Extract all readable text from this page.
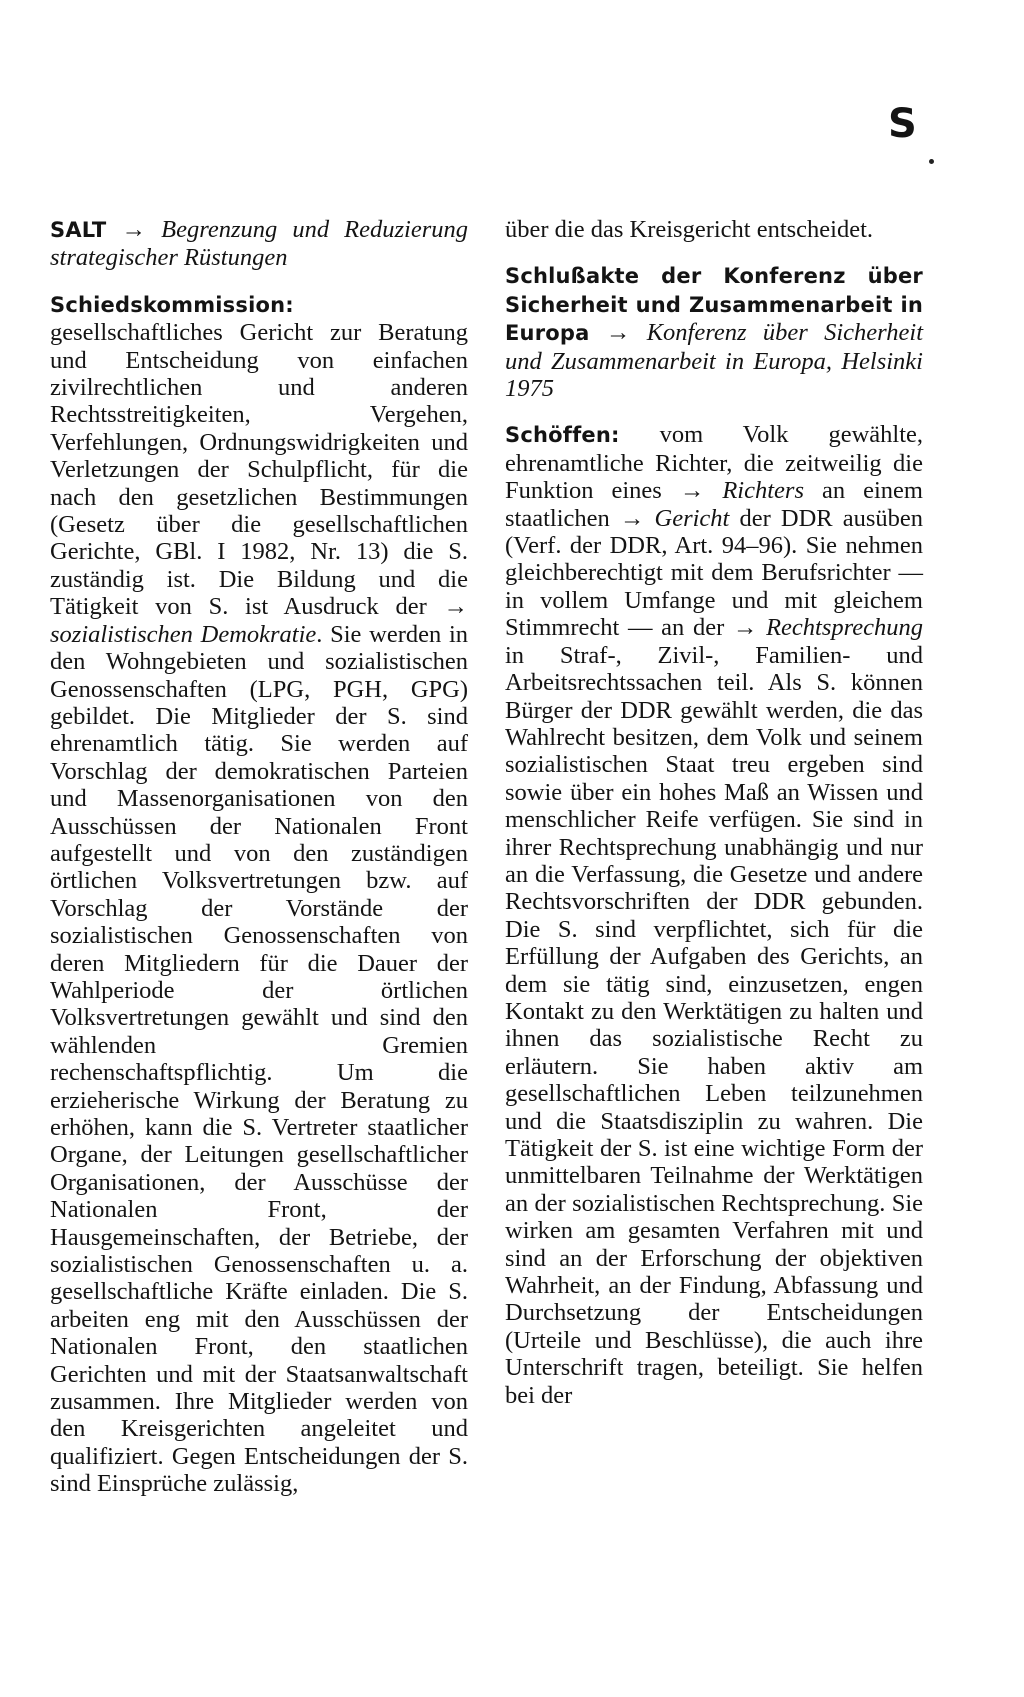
S

SALT → Begrenzung und Reduzierung strategischer Rüstungen

Schiedskommission: gesellschaftliches Gericht zur Beratung und Entscheidung von einfachen zivilrechtlichen und anderen Rechtsstreitigkeiten, Vergehen, Verfehlungen, Ordnungswidrigkeiten und Verletzungen der Schulpflicht, für die nach den gesetzlichen Bestimmungen (Gesetz über die gesellschaftlichen Gerichte, GBl. I 1982, Nr. 13) die S. zuständig ist. Die Bildung und die Tätigkeit von S. ist Ausdruck der → sozialistischen Demokratie. Sie werden in den Wohngebieten und sozialistischen Genossenschaften (LPG, PGH, GPG) gebildet. Die Mitglieder der S. sind ehrenamtlich tätig. Sie werden auf Vorschlag der demokratischen Parteien und Massenorganisationen von den Ausschüssen der Nationalen Front aufgestellt und von den zuständigen örtlichen Volksvertretungen bzw. auf Vorschlag der Vorstände der sozialistischen Genossenschaften von deren Mitgliedern für die Dauer der Wahlperiode der örtlichen Volksvertretungen gewählt und sind den wählenden Gremien rechenschaftspflichtig. Um die erzieherische Wirkung der Beratung zu erhöhen, kann die S. Vertreter staatlicher Organe, der Leitungen gesellschaftlicher Organisationen, der Ausschüsse der Nationalen Front, der Hausgemeinschaften, der Betriebe, der sozialistischen Genossenschaften u. a. gesellschaftliche Kräfte einladen. Die S. arbeiten eng mit den Ausschüssen der Nationalen Front, den staatlichen Gerichten und mit der Staatsanwaltschaft zusammen. Ihre Mitglieder werden von den Kreisgerichten angeleitet und qualifiziert. Gegen Entscheidungen der S. sind Einsprüche zulässig,

über die das Kreisgericht entscheidet.

Schlußakte der Konferenz über Sicherheit und Zusammenarbeit in Europa → Konferenz über Sicherheit und Zusammenarbeit in Europa, Helsinki 1975

Schöffen: vom Volk gewählte, ehrenamtliche Richter, die zeitweilig die Funktion eines → Richters an einem staatlichen → Gericht der DDR ausüben (Verf. der DDR, Art. 94–96). Sie nehmen gleichberechtigt mit dem Berufsrichter — in vollem Umfange und mit gleichem Stimmrecht — an der → Rechtsprechung in Straf-, Zivil-, Familien- und Arbeitsrechtssachen teil. Als S. können Bürger der DDR gewählt werden, die das Wahlrecht besitzen, dem Volk und seinem sozialistischen Staat treu ergeben sind sowie über ein hohes Maß an Wissen und menschlicher Reife verfügen. Sie sind in ihrer Rechtsprechung unabhängig und nur an die Verfassung, die Gesetze und andere Rechtsvorschriften der DDR gebunden. Die S. sind verpflichtet, sich für die Erfüllung der Aufgaben des Gerichts, an dem sie tätig sind, einzusetzen, engen Kontakt zu den Werktätigen zu halten und ihnen das sozialistische Recht zu erläutern. Sie haben aktiv am gesellschaftlichen Leben teilzunehmen und die Staatsdisziplin zu wahren. Die Tätigkeit der S. ist eine wichtige Form der unmittelbaren Teilnahme der Werktätigen an der sozialistischen Rechtsprechung. Sie wirken am gesamten Verfahren mit und sind an der Erforschung der objektiven Wahrheit, an der Findung, Abfassung und Durchsetzung der Entscheidungen (Urteile und Beschlüsse), die auch ihre Unterschrift tragen, beteiligt. Sie helfen bei der
